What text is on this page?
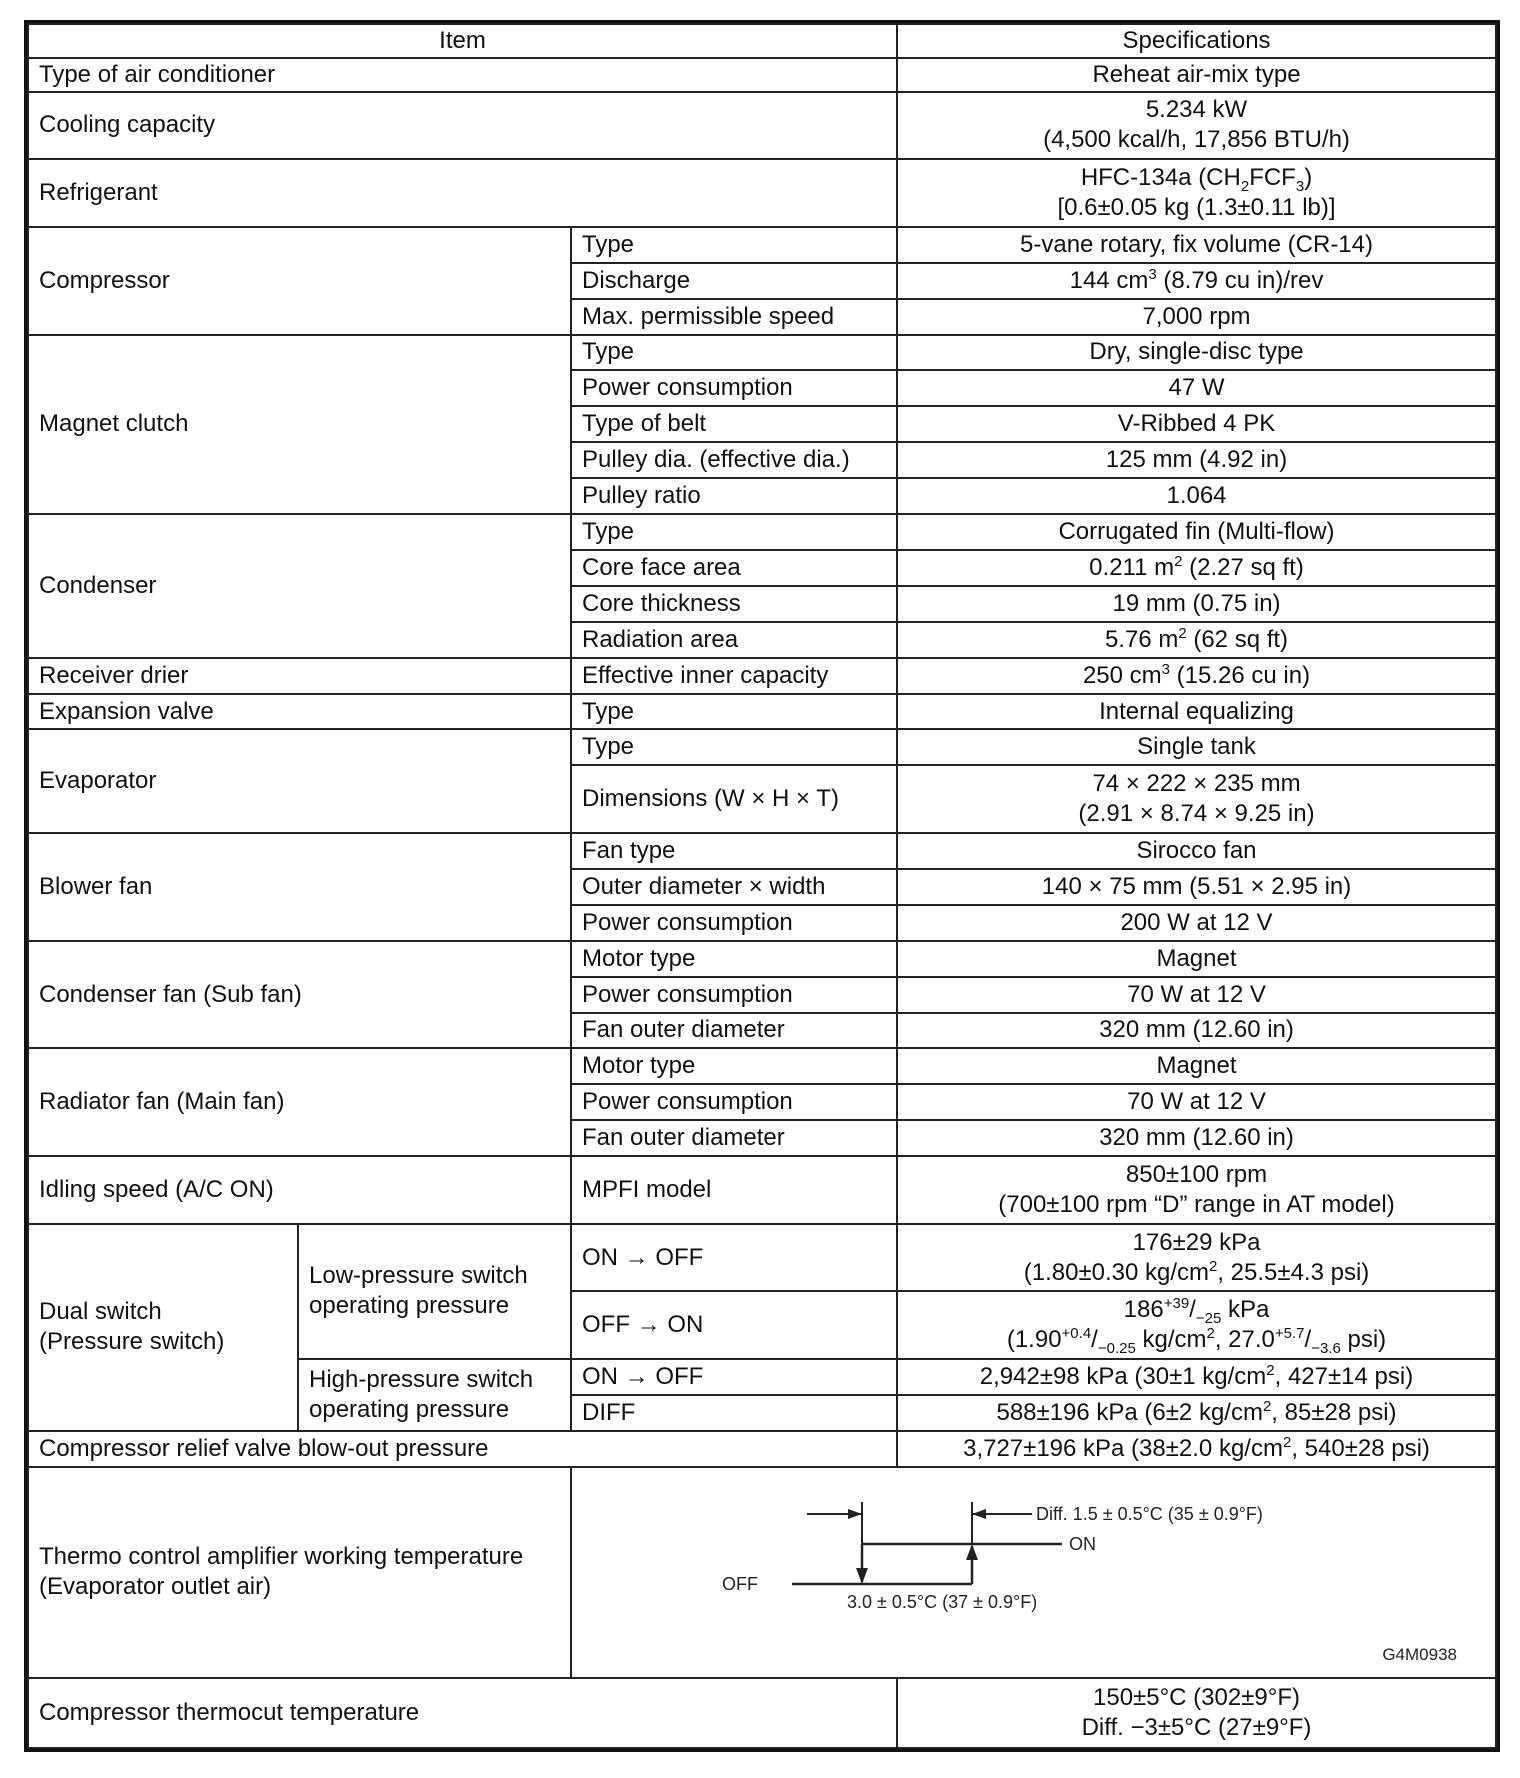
Item			Specifications
Type of air conditioner			Reheat air-mix type
Cooling capacity			5.234 kW
(4,500 kcal/h, 17,856 BTU/h)

Refrigerant			HFC-134a $(CH_2FCF_3)$
[0.6±0.05 kg (1.3±0.11 lb)]

Compressor		Type	5-vane rotary, fix volume (CR-14)
		Discharge	144 $cm^3$ (8.79 cu in)/rev
		Max. permissible speed	7,000 rpm
Magnet clutch		Type	Dry, single-disc type
		Power consumption	47 W
		Type of belt	V-Ribbed 4 PK
		Pulley dia. (effective dia.)	125 mm (4.92 in)
		Pulley ratio	1.064
Condenser		Type	Corrugated fin (Multi-flow)
		Core face area	0.211 $m^2$ (2.27 sq ft)
		Core thickness	19 mm (0.75 in)
		Radiation area	5.76 $m^2$ (62 sq ft)
Receiver drier		Effective inner capacity	250 $cm^3$ (15.26 cu in)
Expansion valve		Type	Internal equalizing
Evaporator		Type	Single tank
		Dimensions (W × H × T)	74 × 222 × 235 mm
(2.91 × 8.74 × 9.25 in)

Blower fan		Fan type	Sirocco fan
		Outer diameter × width	140 × 75 mm (5.51 × 2.95 in)
		Power consumption	200 W at 12 V
Condenser fan (Sub fan)		Motor type	Magnet
		Power consumption	70 W at 12 V
		Fan outer diameter	320 mm (12.60 in)
Radiator fan (Main fan)		Motor type	Magnet
		Power consumption	70 W at 12 V
		Fan outer diameter	320 mm (12.60 in)
Idling speed (A/C ON)		MPFI model	850±100 rpm
(700±100 rpm “D” range in AT model)

Dual switch
(Pressure switch)	Low-pressure switch
operating pressure	ON → OFF	176±29 kPa
(1.80±0.30 $kg/cm^2$, 25.5±4.3 psi)

		OFF → ON	$186^{+39}/_{-25}$ kPa
($1.90^{+0.4}/_{-0.25}$ $kg/cm^2$, $27.0^{+5.7}/_{-3.6}$ psi)

	High-pressure switch
operating pressure	ON → OFF	2,942±98 kPa (30±1 $kg/cm^2$, 427±14 psi)
		DIFF	588±196 kPa (6±2 $kg/cm^2$, 85±28 psi)
Compressor relief valve blow-out pressure			3,727±196 kPa (38±2.0 $kg/cm^2$, 540±28 psi)

Thermo control amplifier working temperature
(Evaporator outlet air)		Diff. 1.5 ± 0.5°C (35 ± 0.9°F)
ON
OFF
3.0 ± 0.5°C (37 ± 0.9°F)
G4M0938	

Compressor thermocut temperature			150±5°C (302±9°F)
Diff. −3±5°C (27±9°F)
